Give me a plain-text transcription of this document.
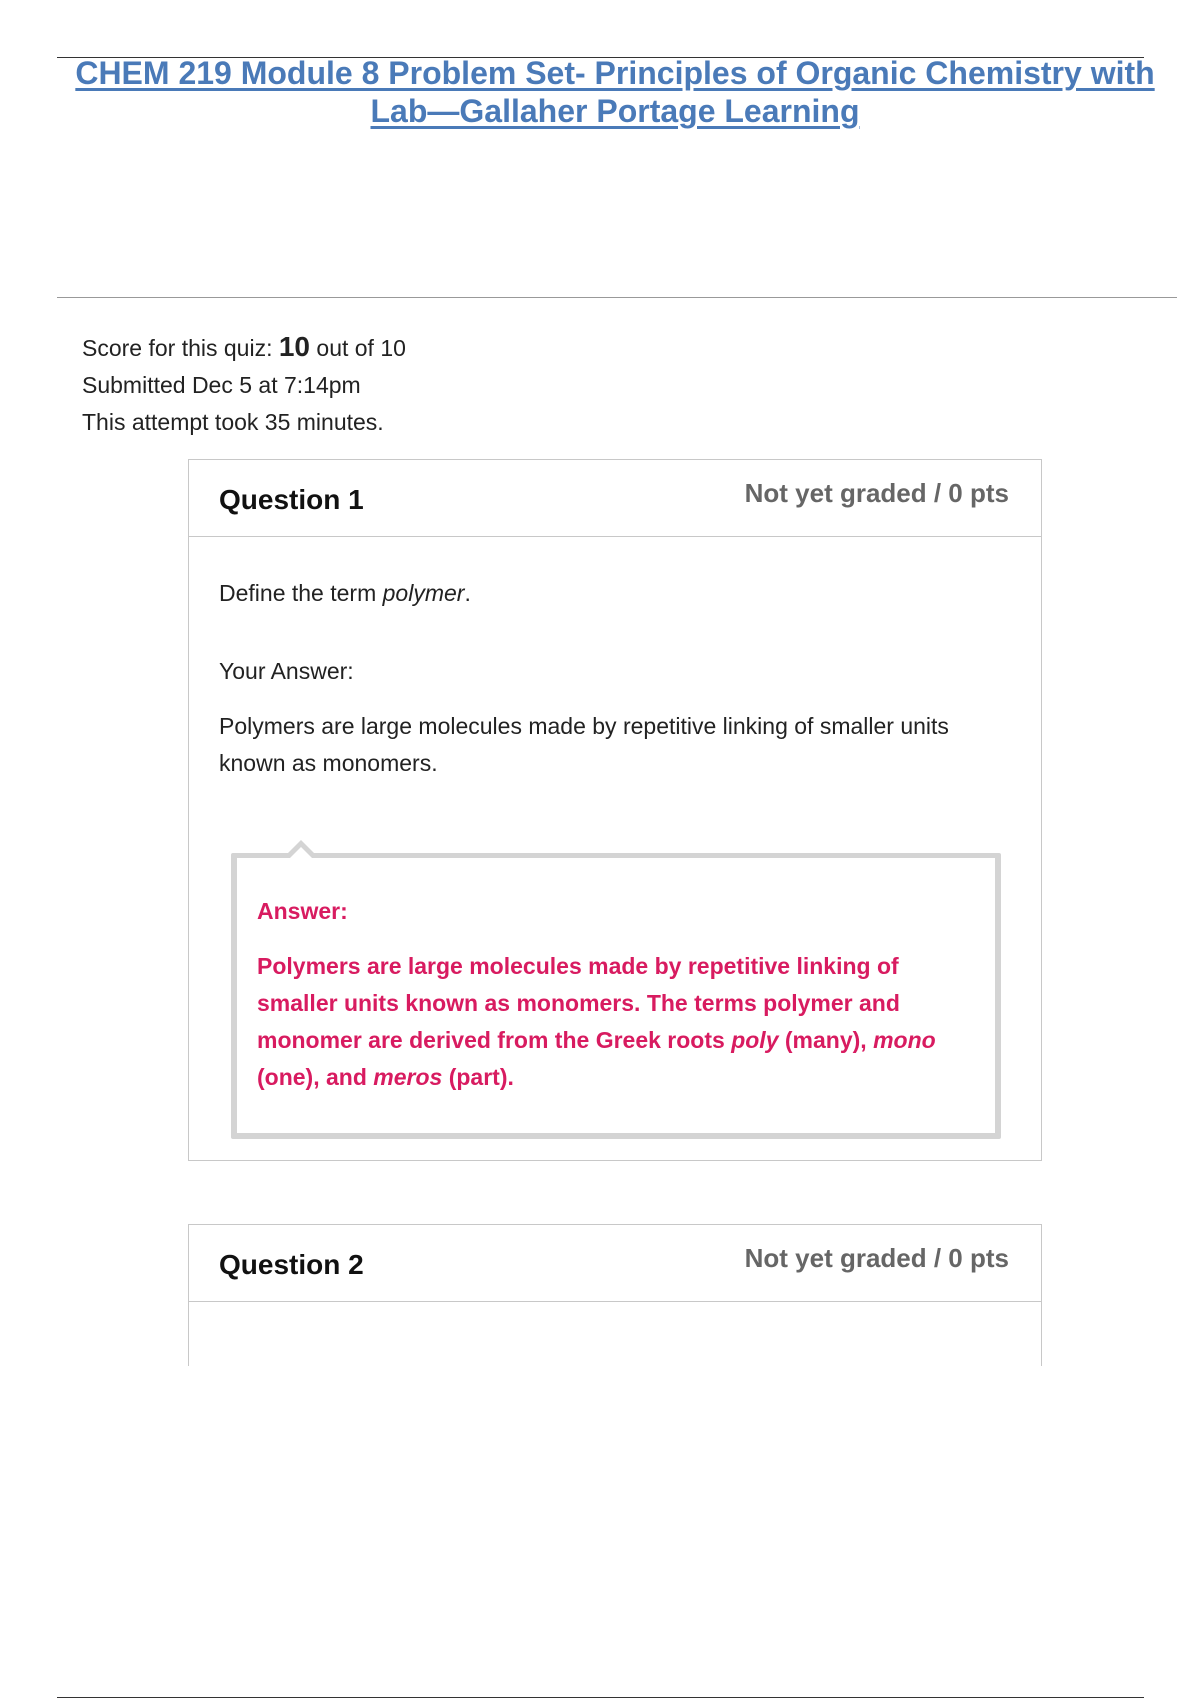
CHEM 219 Module 8 Problem Set- Principles of Organic Chemistry with Lab—Gallaher Portage Learning
Score for this quiz: 10 out of 10
Submitted Dec 5 at 7:14pm
This attempt took 35 minutes.
Question 1	Not yet graded / 0 pts
Define the term polymer.
Your Answer:
Polymers are large molecules made by repetitive linking of smaller units known as monomers.
Answer:
Polymers are large molecules made by repetitive linking of smaller units known as monomers. The terms polymer and monomer are derived from the Greek roots poly (many), mono (one), and meros (part).
Question 2	Not yet graded / 0 pts
